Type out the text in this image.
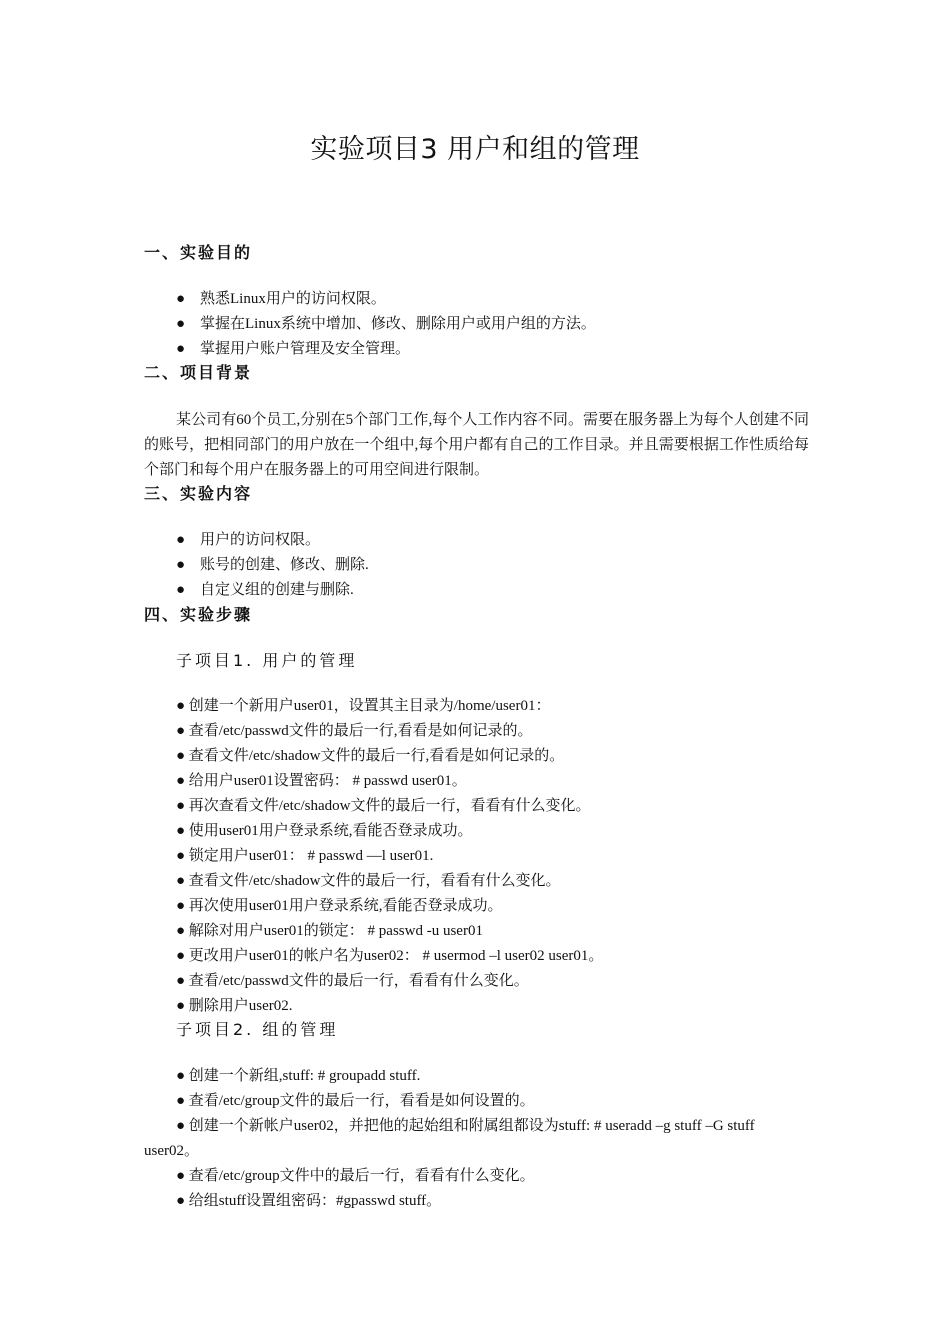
实验项目3 用户和组的管理
一、实验目的
● 熟悉Linux用户的访问权限。
● 掌握在Linux系统中增加、修改、删除用户或用户组的方法。
● 掌握用户账户管理及安全管理。
二、项目背景

某公司有60个员工,分别在5个部门工作,每个人工作内容不同。需要在服务器上为每个人创建不同的账号，把相同部门的用户放在一个组中,每个用户都有自己的工作目录。并且需要根据工作性质给每个部门和每个用户在服务器上的可用空间进行限制。

三、实验内容
● 用户的访问权限。
● 账号的创建、修改、删除.
● 自定义组的创建与删除.
四、实验步骤
子项目1. 用户的管理
● 创建一个新用户user01，设置其主目录为/home/user01：
● 查看/etc/passwd文件的最后一行,看看是如何记录的。
● 查看文件/etc/shadow文件的最后一行,看看是如何记录的。
● 给用户user01设置密码： # passwd user01。
● 再次查看文件/etc/shadow文件的最后一行，看看有什么变化。
● 使用user01用户登录系统,看能否登录成功。
● 锁定用户user01： # passwd —l user01.
● 查看文件/etc/shadow文件的最后一行，看看有什么变化。
● 再次使用user01用户登录系统,看能否登录成功。
● 解除对用户user01的锁定： # passwd -u user01
● 更改用户user01的帐户名为user02： # usermod –l user02 user01。
● 查看/etc/passwd文件的最后一行，看看有什么变化。
● 删除用户user02.
子项目2. 组的管理
● 创建一个新组,stuff: # groupadd stuff.
● 查看/etc/group文件的最后一行，看看是如何设置的。
● 创建一个新帐户user02，并把他的起始组和附属组都设为stuff: # useradd –g stuff –G stuff user02。
● 查看/etc/group文件中的最后一行，看看有什么变化。
● 给组stuff设置组密码：#gpasswd stuff。
